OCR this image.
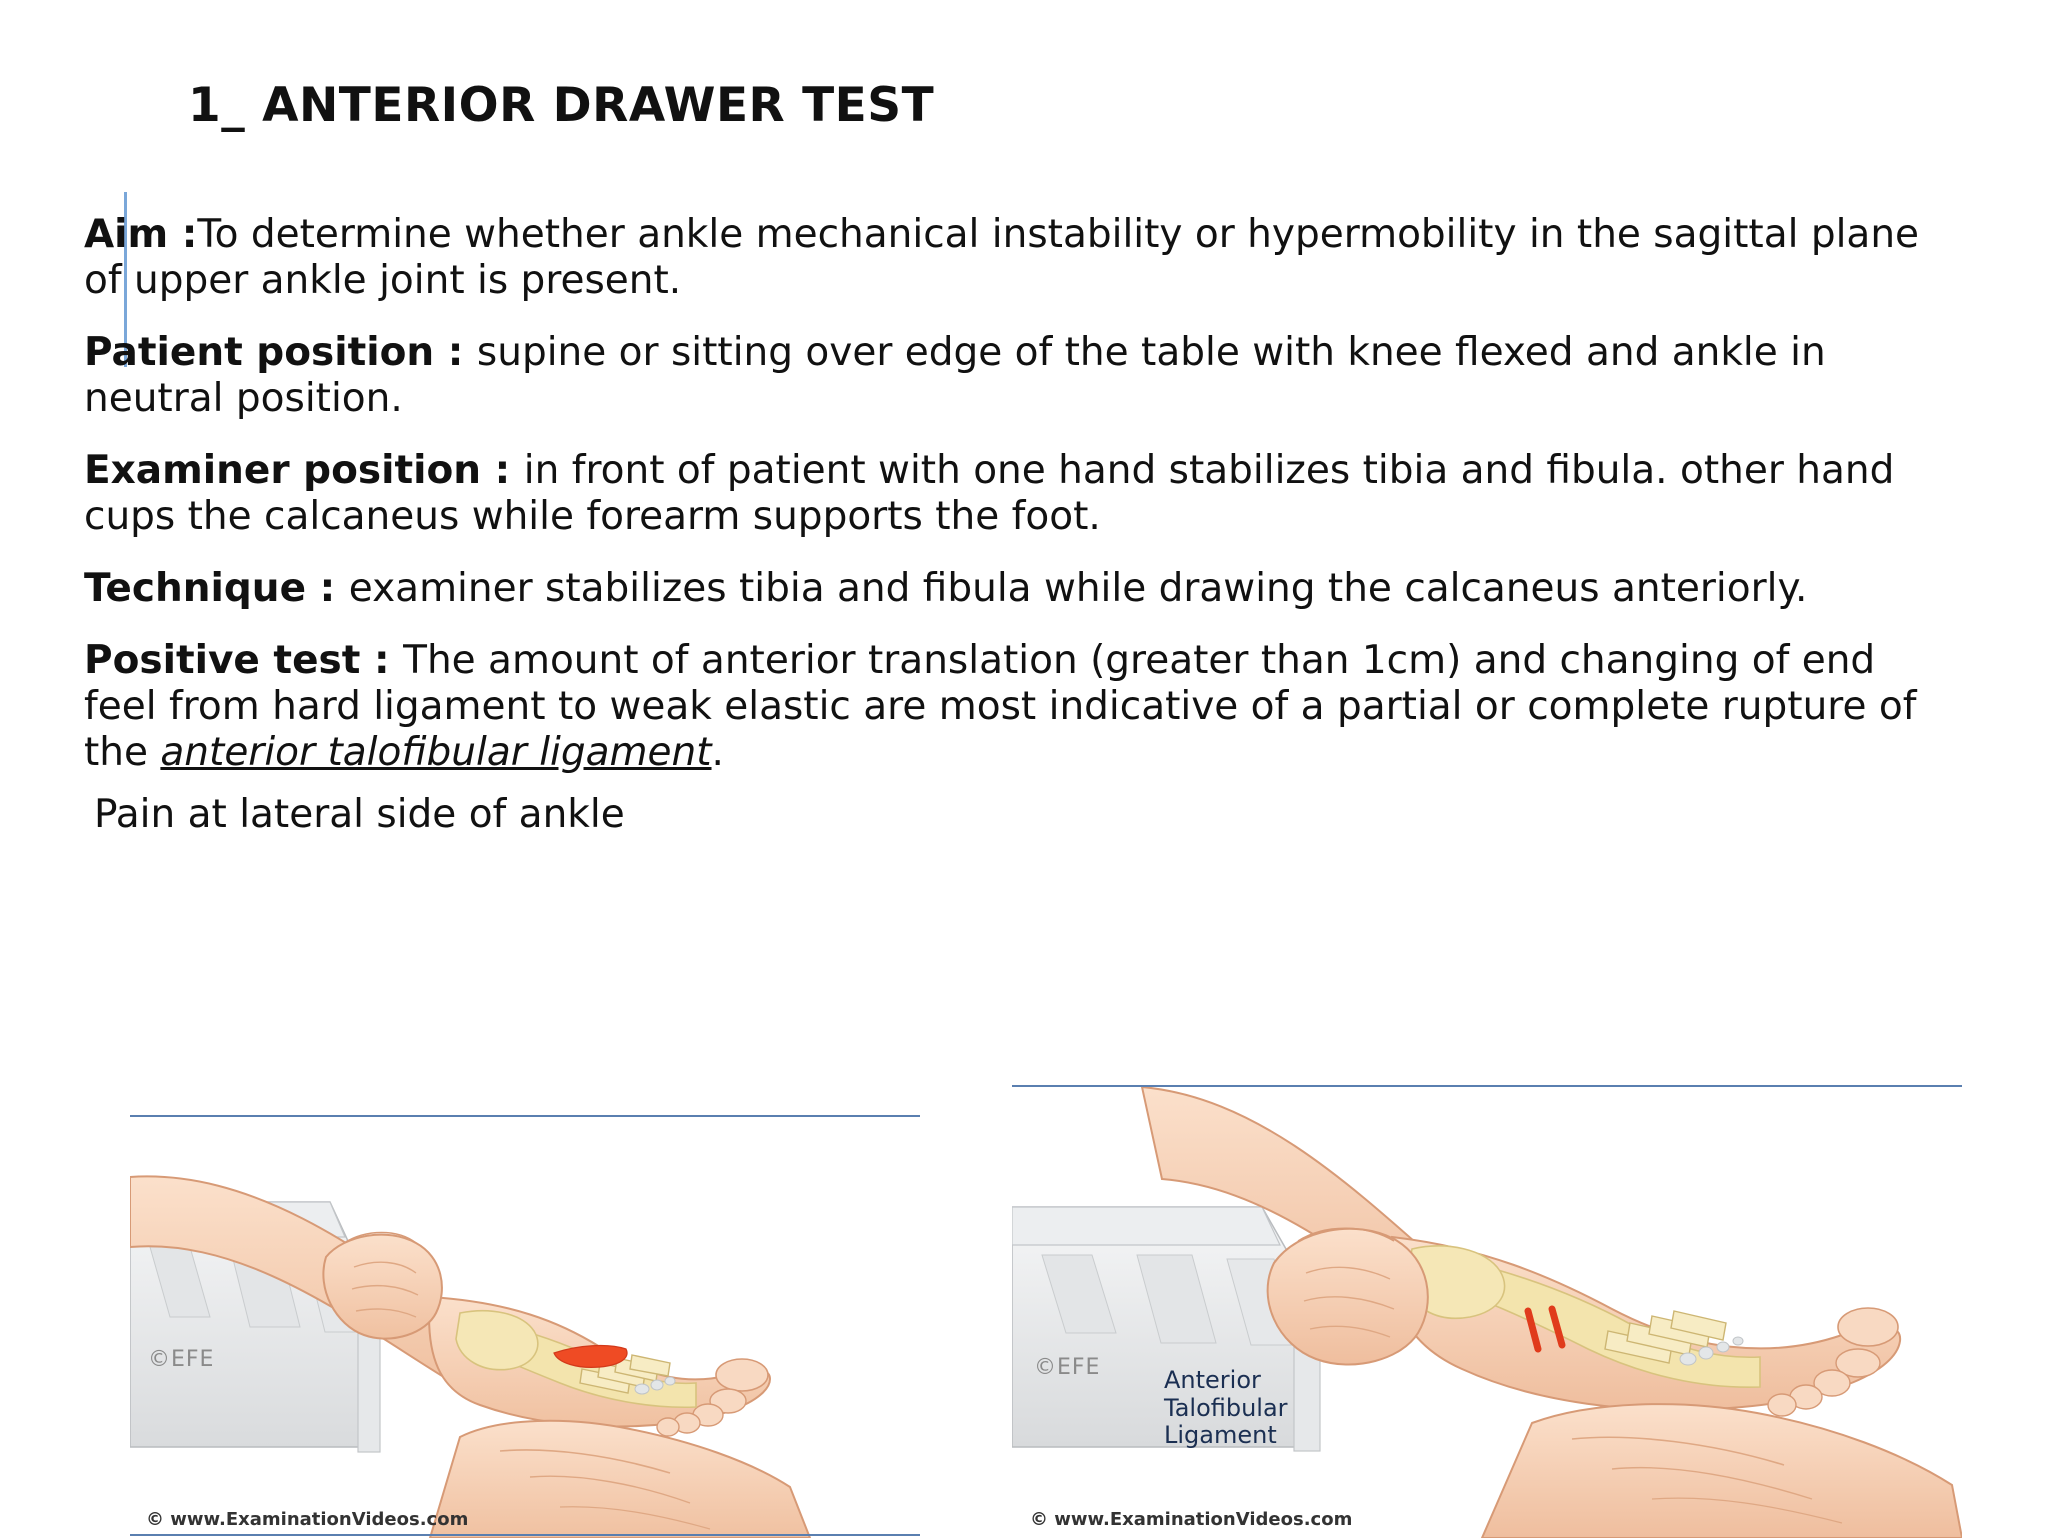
1_ ANTERIOR DRAWER TEST

Aim :To determine whether ankle mechanical instability or hypermobility in the sagittal plane of upper ankle joint is present.

Patient position : supine or sitting over edge of the table with knee flexed and ankle in neutral position.

Examiner position : in front of patient with one hand stabilizes tibia and fibula. other hand cups the calcaneus while forearm supports the foot.

Technique : examiner stabilizes tibia and fibula while drawing the calcaneus anteriorly.

Positive test : The amount of anterior translation (greater than 1cm) and changing of end feel from hard ligament to weak elastic are most indicative of a partial or complete rupture of the anterior talofibular ligament.

Pain at lateral side of ankle

©EFE
© www.ExaminationVideos.com
©EFE
© www.ExaminationVideos.com
Anterior
Talofibular
Ligament
